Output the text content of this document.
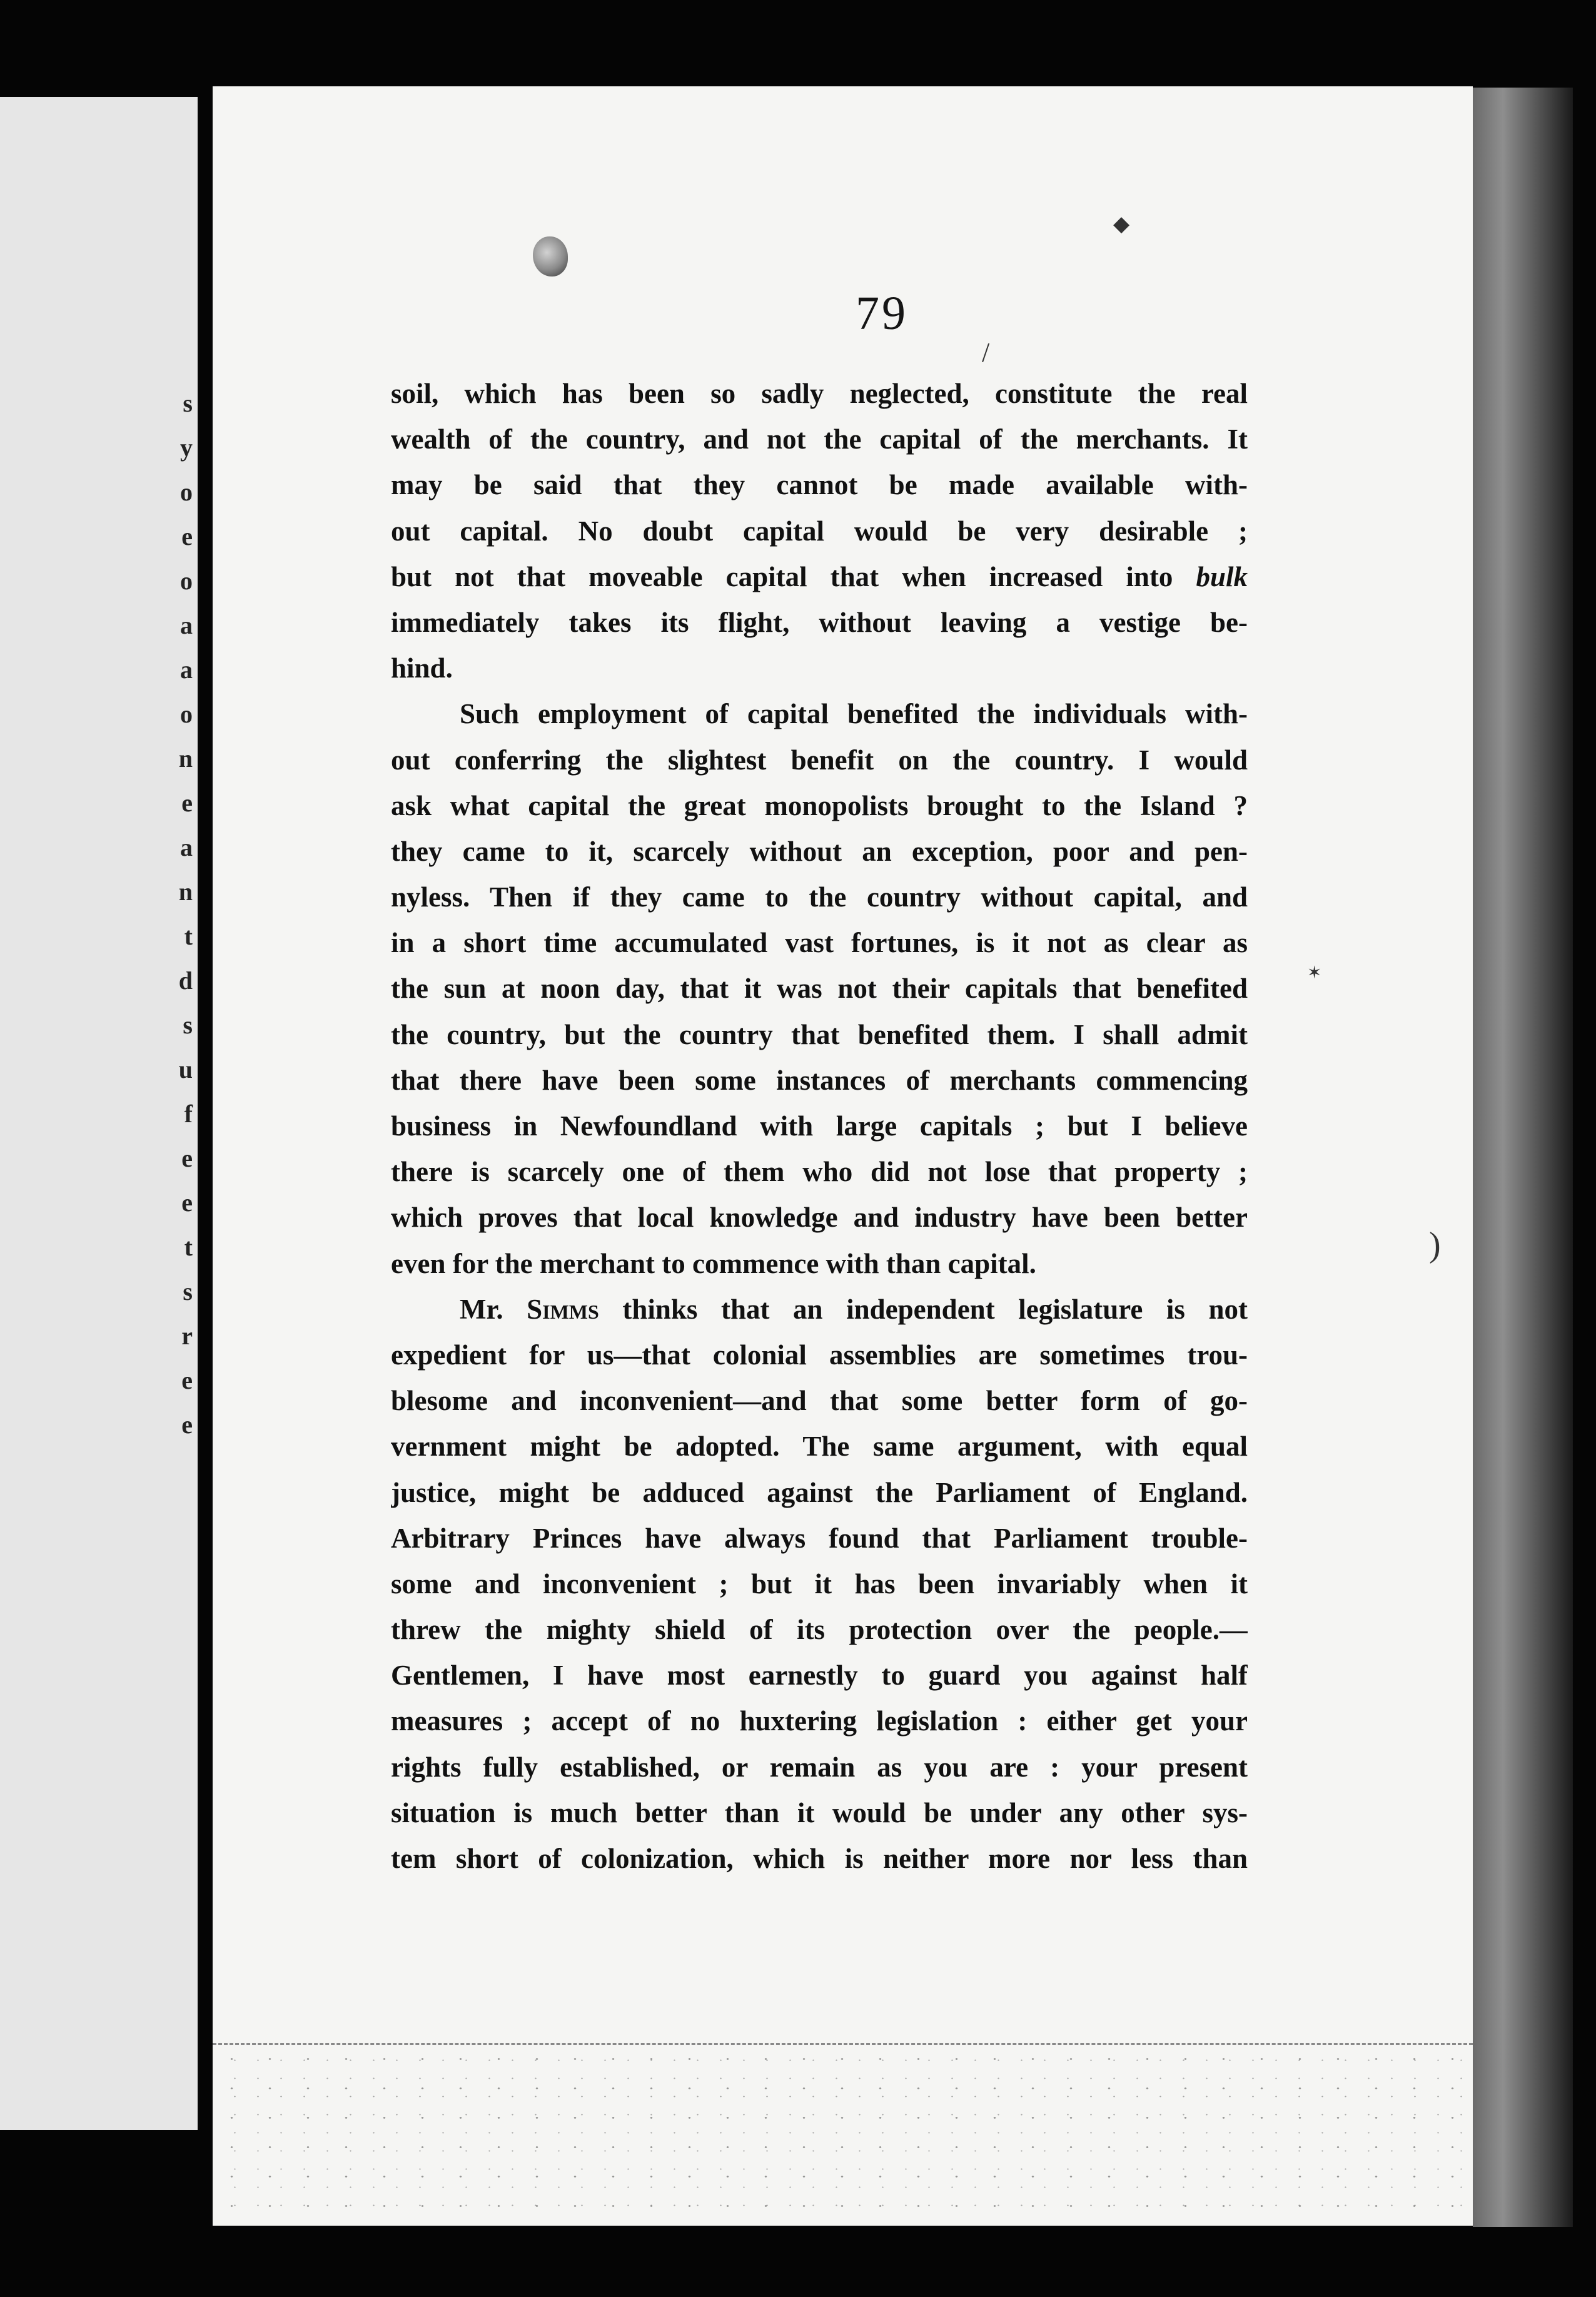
s
y
o
e
o
a
a
o
n
e
a
n
t
d
s
u
f
e
e
t
s
r
e
e
◆
/
✶
)
79
soil, which has been so sadly neglected, constitute the real
wealth of the country, and not the capital of the merchants. It
may be said that they cannot be made available with-
out capital. No doubt capital would be very desirable ;
but not that moveable capital that when increased into bulk
immediately takes its flight, without leaving a vestige be-
hind.
Such employment of capital benefited the individuals with-
out conferring the slightest benefit on the country. I would
ask what capital the great monopolists brought to the Island ?
they came to it, scarcely without an exception, poor and pen-
nyless. Then if they came to the country without capital, and
in a short time accumulated vast fortunes, is it not as clear as
the sun at noon day, that it was not their capitals that benefited
the country, but the country that benefited them. I shall admit
that there have been some instances of merchants commencing
business in Newfoundland with large capitals ; but I believe
there is scarcely one of them who did not lose that property ;
which proves that local knowledge and industry have been better
even for the merchant to commence with than capital.
Mr. Simms thinks that an independent legislature is not
expedient for us—that colonial assemblies are sometimes trou-
blesome and inconvenient—and that some better form of go-
vernment might be adopted. The same argument, with equal
justice, might be adduced against the Parliament of England.
Arbitrary Princes have always found that Parliament trouble-
some and inconvenient ; but it has been invariably when it
threw the mighty shield of its protection over the people.—
Gentlemen, I have most earnestly to guard you against half
measures ; accept of no huxtering legislation : either get your
rights fully established, or remain as you are : your present
situation is much better than it would be under any other sys-
tem short of colonization, which is neither more nor less than
